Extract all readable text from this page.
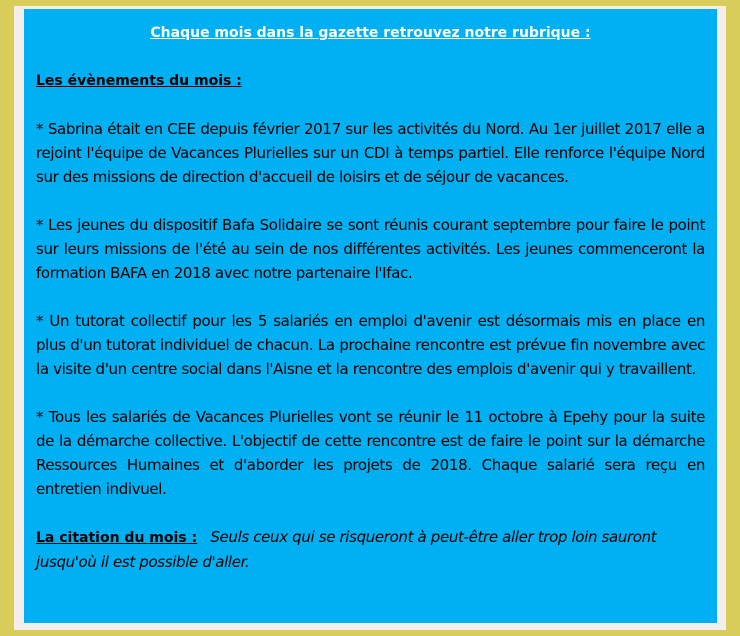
Chaque mois dans la gazette retrouvez notre rubrique :
Les évènements du mois :

* Sabrina était en CEE depuis février 2017 sur les activités du Nord. Au 1er juillet 2017 elle a rejoint l'équipe de Vacances Plurielles sur un CDI à temps partiel. Elle renforce l'équipe Nord sur des missions de direction d'accueil de loisirs et de séjour de vacances.

* Les jeunes du dispositif Bafa Solidaire se sont réunis courant septembre pour faire le point sur leurs missions de l'été au sein de nos différentes activités. Les jeunes commenceront la formation BAFA en 2018 avec notre partenaire l'Ifac.

* Un tutorat collectif pour les 5 salariés en emploi d'avenir est désormais mis en place en plus d'un tutorat individuel de chacun. La prochaine rencontre est prévue fin novembre avec la visite d'un centre social dans l'Aisne et la rencontre des emplois d'avenir qui y travaillent.

* Tous les salariés de Vacances Plurielles vont se réunir le 11 octobre à Epehy pour la suite de la démarche collective. L'objectif de cette rencontre est de faire le point sur la démarche Ressources Humaines et d'aborder les projets de 2018. Chaque salarié sera reçu en entretien indivuel.

La citation du mois : Seuls ceux qui se risqueront à peut-être aller trop loin sauront jusqu'où il est possible d'aller.
